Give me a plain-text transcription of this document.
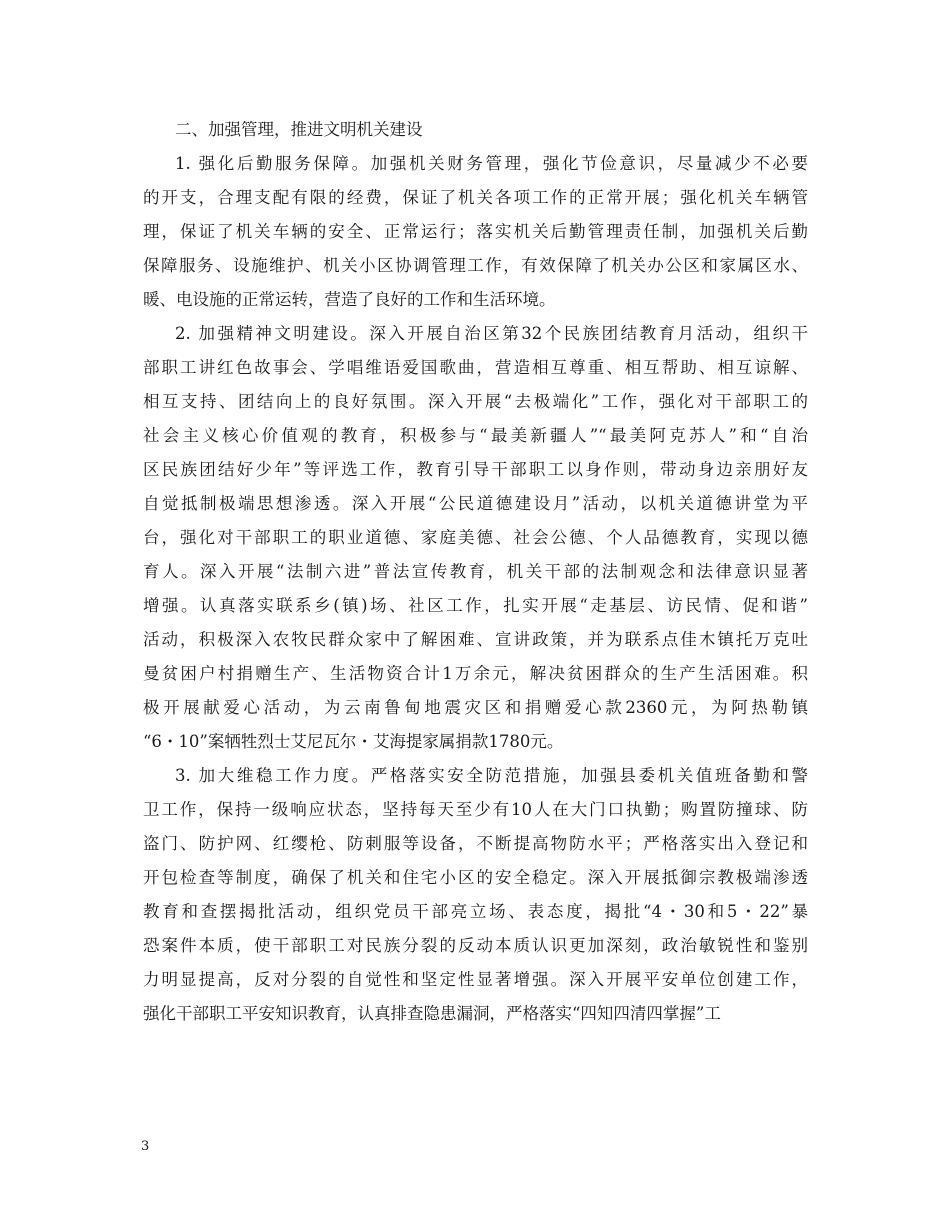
二、加强管理，推进文明机关建设

1. 强化后勤服务保障。加强机关财务管理，强化节俭意识，尽量减少不必要
的开支，合理支配有限的经费，保证了机关各项工作的正常开展；强化机关车辆管
理，保证了机关车辆的安全、正常运行；落实机关后勤管理责任制，加强机关后勤
保障服务、设施维护、机关小区协调管理工作，有效保障了机关办公区和家属区水、
暖、电设施的正常运转，营造了良好的工作和生活环境。

2. 加强精神文明建设。深入开展自治区第32个民族团结教育月活动，组织干
部职工讲红色故事会、学唱维语爱国歌曲，营造相互尊重、相互帮助、相互谅解、
相互支持、团结向上的良好氛围。深入开展“去极端化”工作，强化对干部职工的
社会主义核心价值观的教育，积极参与“最美新疆人”“最美阿克苏人”和“自治
区民族团结好少年”等评选工作，教育引导干部职工以身作则，带动身边亲朋好友
自觉抵制极端思想渗透。深入开展“公民道德建设月”活动，以机关道德讲堂为平
台，强化对干部职工的职业道德、家庭美德、社会公德、个人品德教育，实现以德
育人。深入开展“法制六进”普法宣传教育，机关干部的法制观念和法律意识显著
增强。认真落实联系乡(镇)场、社区工作，扎实开展“走基层、访民情、促和谐”
活动，积极深入农牧民群众家中了解困难、宣讲政策，并为联系点佳木镇托万克吐
曼贫困户村捐赠生产、生活物资合计1万余元，解决贫困群众的生产生活困难。积
极开展献爱心活动，为云南鲁甸地震灾区和捐赠爱心款2360元，为阿热勒镇
“6・10”案牺牲烈士艾尼瓦尔・艾海提家属捐款1780元。

3. 加大维稳工作力度。严格落实安全防范措施，加强县委机关值班备勤和警
卫工作，保持一级响应状态，坚持每天至少有10人在大门口执勤；购置防撞球、防
盗门、防护网、红缨枪、防刺服等设备，不断提高物防水平；严格落实出入登记和
开包检查等制度，确保了机关和住宅小区的安全稳定。深入开展抵御宗教极端渗透
教育和查摆揭批活动，组织党员干部亮立场、表态度，揭批“4・30和5・22”暴
恐案件本质，使干部职工对民族分裂的反动本质认识更加深刻，政治敏锐性和鉴别
力明显提高，反对分裂的自觉性和坚定性显著增强。深入开展平安单位创建工作，
强化干部职工平安知识教育，认真排查隐患漏洞，严格落实“四知四清四掌握”工

3
